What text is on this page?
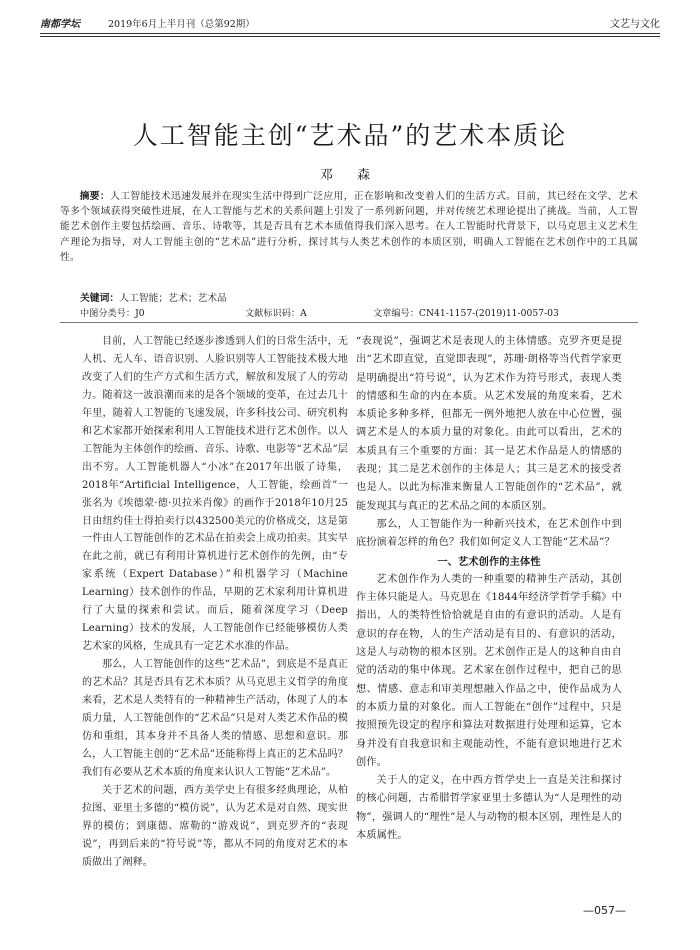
南都学坛	2019年6月上半月刊（总第92期）	文艺与文化
人工智能主创“艺术品”的艺术本质论
邓 森
摘要：人工智能技术迅速发展并在现实生活中得到广泛应用，正在影响和改变着人们的生活方式。目前，其已经在文学、艺术等多个领域获得突破性进展，在人工智能与艺术的关系问题上引发了一系列新问题，并对传统艺术理论提出了挑战。当前，人工智能艺术创作主要包括绘画、音乐、诗歌等，其是否具有艺术本质值得我们深入思考。在人工智能时代背景下，以马克思主义艺术生产理论为指导，对人工智能主创的“艺术品”进行分析，探讨其与人类艺术创作的本质区别，明确人工智能在艺术创作中的工具属性。
关键词：人工智能；艺术；艺术品
中图分类号：J0	文献标识码：A	文章编号：CN41-1157-(2019)11-0057-03

目前，人工智能已经逐步渗透到人们的日常生活中，无人机、无人车、语音识别、人脸识别等人工智能技术极大地改变了人们的生产方式和生活方式，解放和发展了人的劳动力。随着这一波浪潮而来的是各个领域的变革，在过去几十年里，随着人工智能的飞速发展，许多科技公司、研究机构和艺术家都开始探索利用人工智能技术进行艺术创作。以人工智能为主体创作的绘画、音乐、诗歌、电影等“艺术品”层出不穷。人工智能机器人“小冰”在2017年出版了诗集，2018年“Artificial Intelligence，人工智能，绘画首”一张名为《埃德蒙·德·贝拉米肖像》的画作于2018年10月25日由纽约佳士得拍卖行以432500美元的价格成交，这是第一件由人工智能创作的艺术品在拍卖会上成功拍卖。其实早在此之前，就已有利用计算机进行艺术创作的先例，由“专家系统（Expert Database）”和机器学习（Machine Learning）技术创作的作品，早期的艺术家利用计算机进行了大量的探索和尝试。而后，随着深度学习（Deep Learning）技术的发展，人工智能创作已经能够模仿人类艺术家的风格，生成具有一定艺术水准的作品。

那么，人工智能创作的这些“艺术品”，到底是不是真正的艺术品？其是否具有艺术本质？从马克思主义哲学的角度来看，艺术是人类特有的一种精神生产活动，体现了人的本质力量，人工智能创作的“艺术品”只是对人类艺术作品的模仿和重组，其本身并不具备人类的情感、思想和意识。那么，人工智能主创的“艺术品”还能称得上真正的艺术品吗？我们有必要从艺术本质的角度来认识人工智能“艺术品”。

关于艺术的问题，西方美学史上有很多经典理论，从柏拉图、亚里士多德的“模仿说”，认为艺术是对自然、现实世界的模仿；到康德、席勒的“游戏说”，到克罗齐的“表现说”，再到后来的“符号说”等，都从不同的角度对艺术的本质做出了阐释。

“表现说”，强调艺术是表现人的主体情感。克罗齐更是提出“艺术即直觉，直觉即表现”，苏珊·朗格等当代哲学家更是明确提出“符号说”，认为艺术作为符号形式，表现人类的情感和生命的内在本质。从艺术发展的角度来看，艺术本质论多种多样，但都无一例外地把人放在中心位置，强调艺术是人的本质力量的对象化。由此可以看出，艺术的本质具有三个重要的方面：其一是艺术作品是人的情感的表现；其二是艺术创作的主体是人；其三是艺术的接受者也是人。以此为标准来衡量人工智能创作的“艺术品”，就能发现其与真正的艺术品之间的本质区别。

那么，人工智能作为一种新兴技术，在艺术创作中到底扮演着怎样的角色？我们如何定义人工智能“艺术品”？

一、艺术创作的主体性

艺术创作作为人类的一种重要的精神生产活动，其创作主体只能是人。马克思在《1844年经济学哲学手稿》中指出，人的类特性恰恰就是自由的有意识的活动。人是有意识的存在物，人的生产活动是有目的、有意识的活动，这是人与动物的根本区别。艺术创作正是人的这种自由自觉的活动的集中体现。艺术家在创作过程中，把自己的思想、情感、意志和审美理想融入作品之中，使作品成为人的本质力量的对象化。而人工智能在“创作”过程中，只是按照预先设定的程序和算法对数据进行处理和运算，它本身并没有自我意识和主观能动性，不能有意识地进行艺术创作。

关于人的定义，在中西方哲学史上一直是关注和探讨的核心问题，古希腊哲学家亚里士多德认为“人是理性的动物”，强调人的“理性”是人与动物的根本区别，理性是人的本质属性。

—057—
